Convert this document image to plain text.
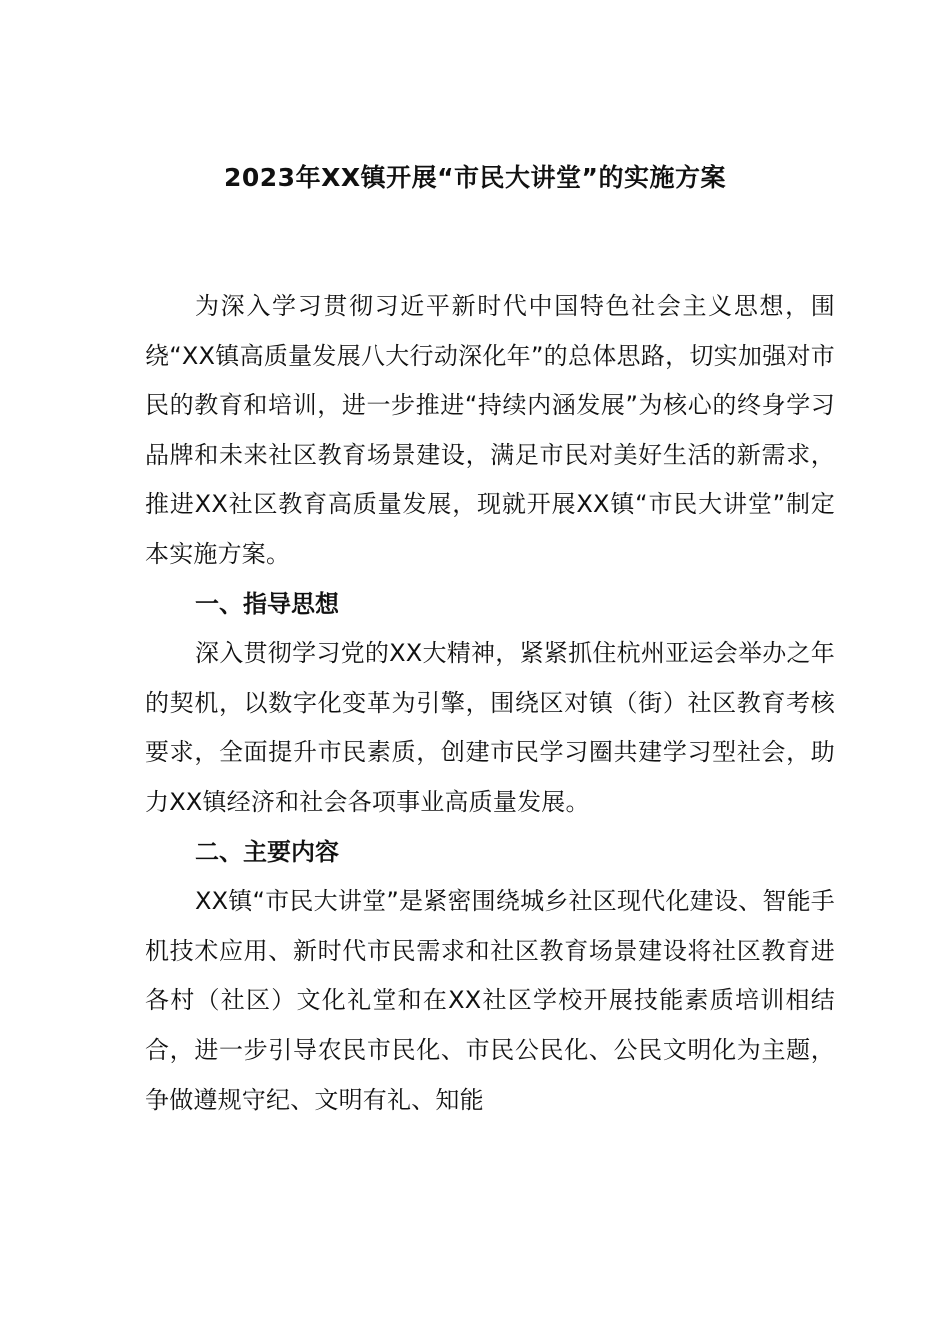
2023年XX镇开展“市民大讲堂”的实施方案

为深入学习贯彻习近平新时代中国特色社会主义思想，围绕“XX镇高质量发展八大行动深化年”的总体思路，切实加强对市民的教育和培训，进一步推进“持续内涵发展”为核心的终身学习品牌和未来社区教育场景建设，满足市民对美好生活的新需求，推进XX社区教育高质量发展，现就开展XX镇“市民大讲堂”制定本实施方案。

一、指导思想

深入贯彻学习党的XX大精神，紧紧抓住杭州亚运会举办之年的契机，以数字化变革为引擎，围绕区对镇（街）社区教育考核要求，全面提升市民素质，创建市民学习圈共建学习型社会，助力XX镇经济和社会各项事业高质量发展。

二、主要内容

XX镇“市民大讲堂”是紧密围绕城乡社区现代化建设、智能手机技术应用、新时代市民需求和社区教育场景建设将社区教育进各村（社区）文化礼堂和在XX社区学校开展技能素质培训相结合，进一步引导农民市民化、市民公民化、公民文明化为主题，争做遵规守纪、文明有礼、知能
